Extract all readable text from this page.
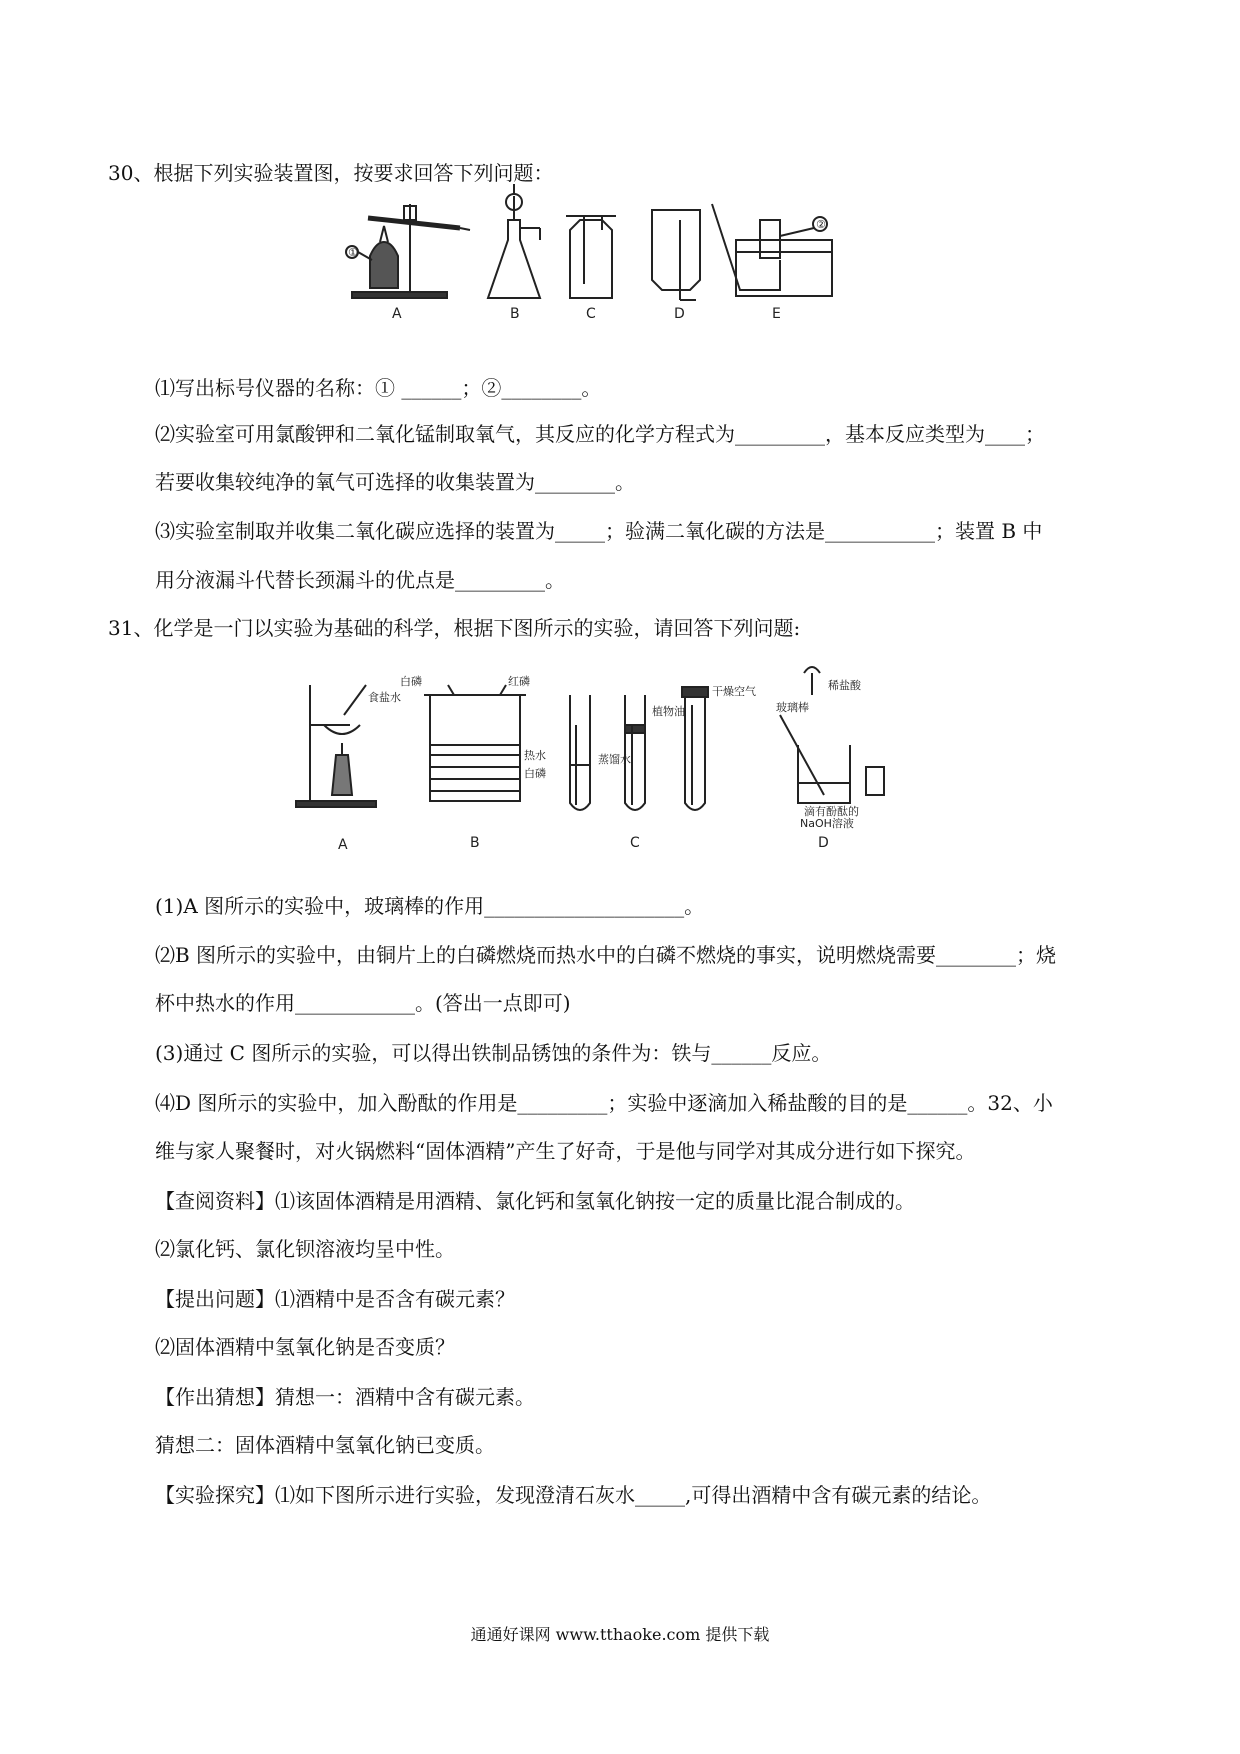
30、根据下列实验装置图，按要求回答下列问题：
①
②
A	B	C	D	E
⑴写出标号仪器的名称：① ______；②________。
⑵实验室可用氯酸钾和二氧化锰制取氧气，其反应的化学方程式为_________，基本反应类型为____；
若要收集较纯净的氧气可选择的收集装置为________。
⑶实验室制取并收集二氧化碳应选择的装置为_____；验满二氧化碳的方法是___________；装置 B 中
用分液漏斗代替长颈漏斗的优点是_________。
31、化学是一门以实验为基础的科学，根据下图所示的实验，请回答下列问题:
食盐水
白磷	红磷
热水
白磷
蒸馏水
植物油
干燥空气	稀盐酸
玻璃棒
滴有酚酞的
NaOH溶液
A	B	C	D
(1)A 图所示的实验中，玻璃棒的作用____________________。
⑵B 图所示的实验中，由铜片上的白磷燃烧而热水中的白磷不燃烧的事实，说明燃烧需要________；烧
杯中热水的作用____________。(答出一点即可)
(3)通过 C 图所示的实验，可以得出铁制品锈蚀的条件为：铁与______反应。
⑷D 图所示的实验中，加入酚酞的作用是_________；实验中逐滴加入稀盐酸的目的是______。32、小
维与家人聚餐时，对火锅燃料“固体酒精”产生了好奇，于是他与同学对其成分进行如下探究。
【查阅资料】⑴该固体酒精是用酒精、氯化钙和氢氧化钠按一定的质量比混合制成的。
⑵氯化钙、氯化钡溶液均呈中性。
【提出问题】⑴酒精中是否含有碳元素？
⑵固体酒精中氢氧化钠是否变质？
【作出猜想】猜想一：酒精中含有碳元素。
猜想二：固体酒精中氢氧化钠已变质。
【实验探究】⑴如下图所示进行实验，发现澄清石灰水_____,可得出酒精中含有碳元素的结论。
通通好课网 www.tthaoke.com 提供下载
